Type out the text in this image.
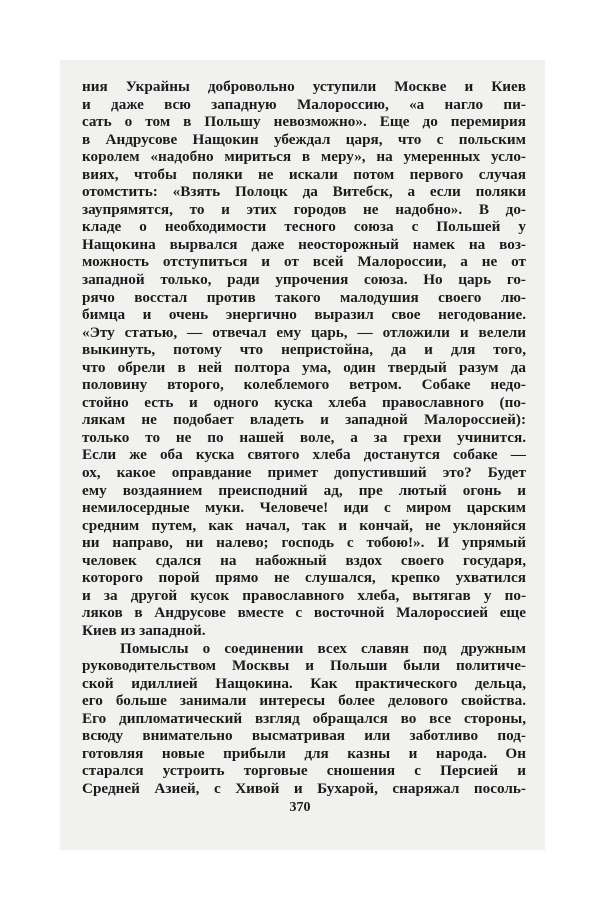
ния Украйны добровольно уступили Москве и Киев
и даже всю западную Малороссию, «а нагло пи-
сать о том в Польшу невозможно». Еще до перемирия
в Андрусове Нащокин убеждал царя, что с польским
королем «надобно мириться в меру», на умеренных усло-
виях, чтобы поляки не искали потом первого случая
отомстить: «Взять Полоцк да Витебск, а если поляки
заупрямятся, то и этих городов не надобно». В до-
кладе о необходимости тесного союза с Польшей у
Нащокина вырвался даже неосторожный намек на воз-
можность отступиться и от всей Малороссии, а не от
западной только, ради упрочения союза. Но царь го-
рячо восстал против такого малодушия своего лю-
бимца и очень энергично выразил свое негодование.
«Эту статью, — отвечал ему царь, — отложили и велели
выкинуть, потому что непристойна, да и для того,
что обрели в ней полтора ума, один твердый разум да
половину второго, колеблемого ветром. Собаке недо-
стойно есть и одного куска хлеба православного (по-
лякам не подобает владеть и западной Малороссией):
только то не по нашей воле, а за грехи учинится.
Если же оба куска святого хлеба достанутся собаке —
ох, какое оправдание примет допустивший это? Будет
ему воздаянием преисподний ад, пре лютый огонь и
немилосердные муки. Человече! иди с миром царским
средним путем, как начал, так и кончай, не уклоняйся
ни направо, ни налево; господь с тобою!». И упрямый
человек сдался на набожный вздох своего государя,
которого порой прямо не слушался, крепко ухватился
и за другой кусок православного хлеба, вытягав у по-
ляков в Андрусове вместе с восточной Малороссией еще
Киев из западной.
Помыслы о соединении всех славян под дружным
руководительством Москвы и Польши были политиче-
ской идиллией Нащокина. Как практического дельца,
его больше занимали интересы более делового свойства.
Его дипломатический взгляд обращался во все стороны,
всюду внимательно высматривая или заботливо под-
готовляя новые прибыли для казны и народа. Он
старался устроить торговые сношения с Персией и
Средней Азией, с Хивой и Бухарой, снаряжал посоль-
370
